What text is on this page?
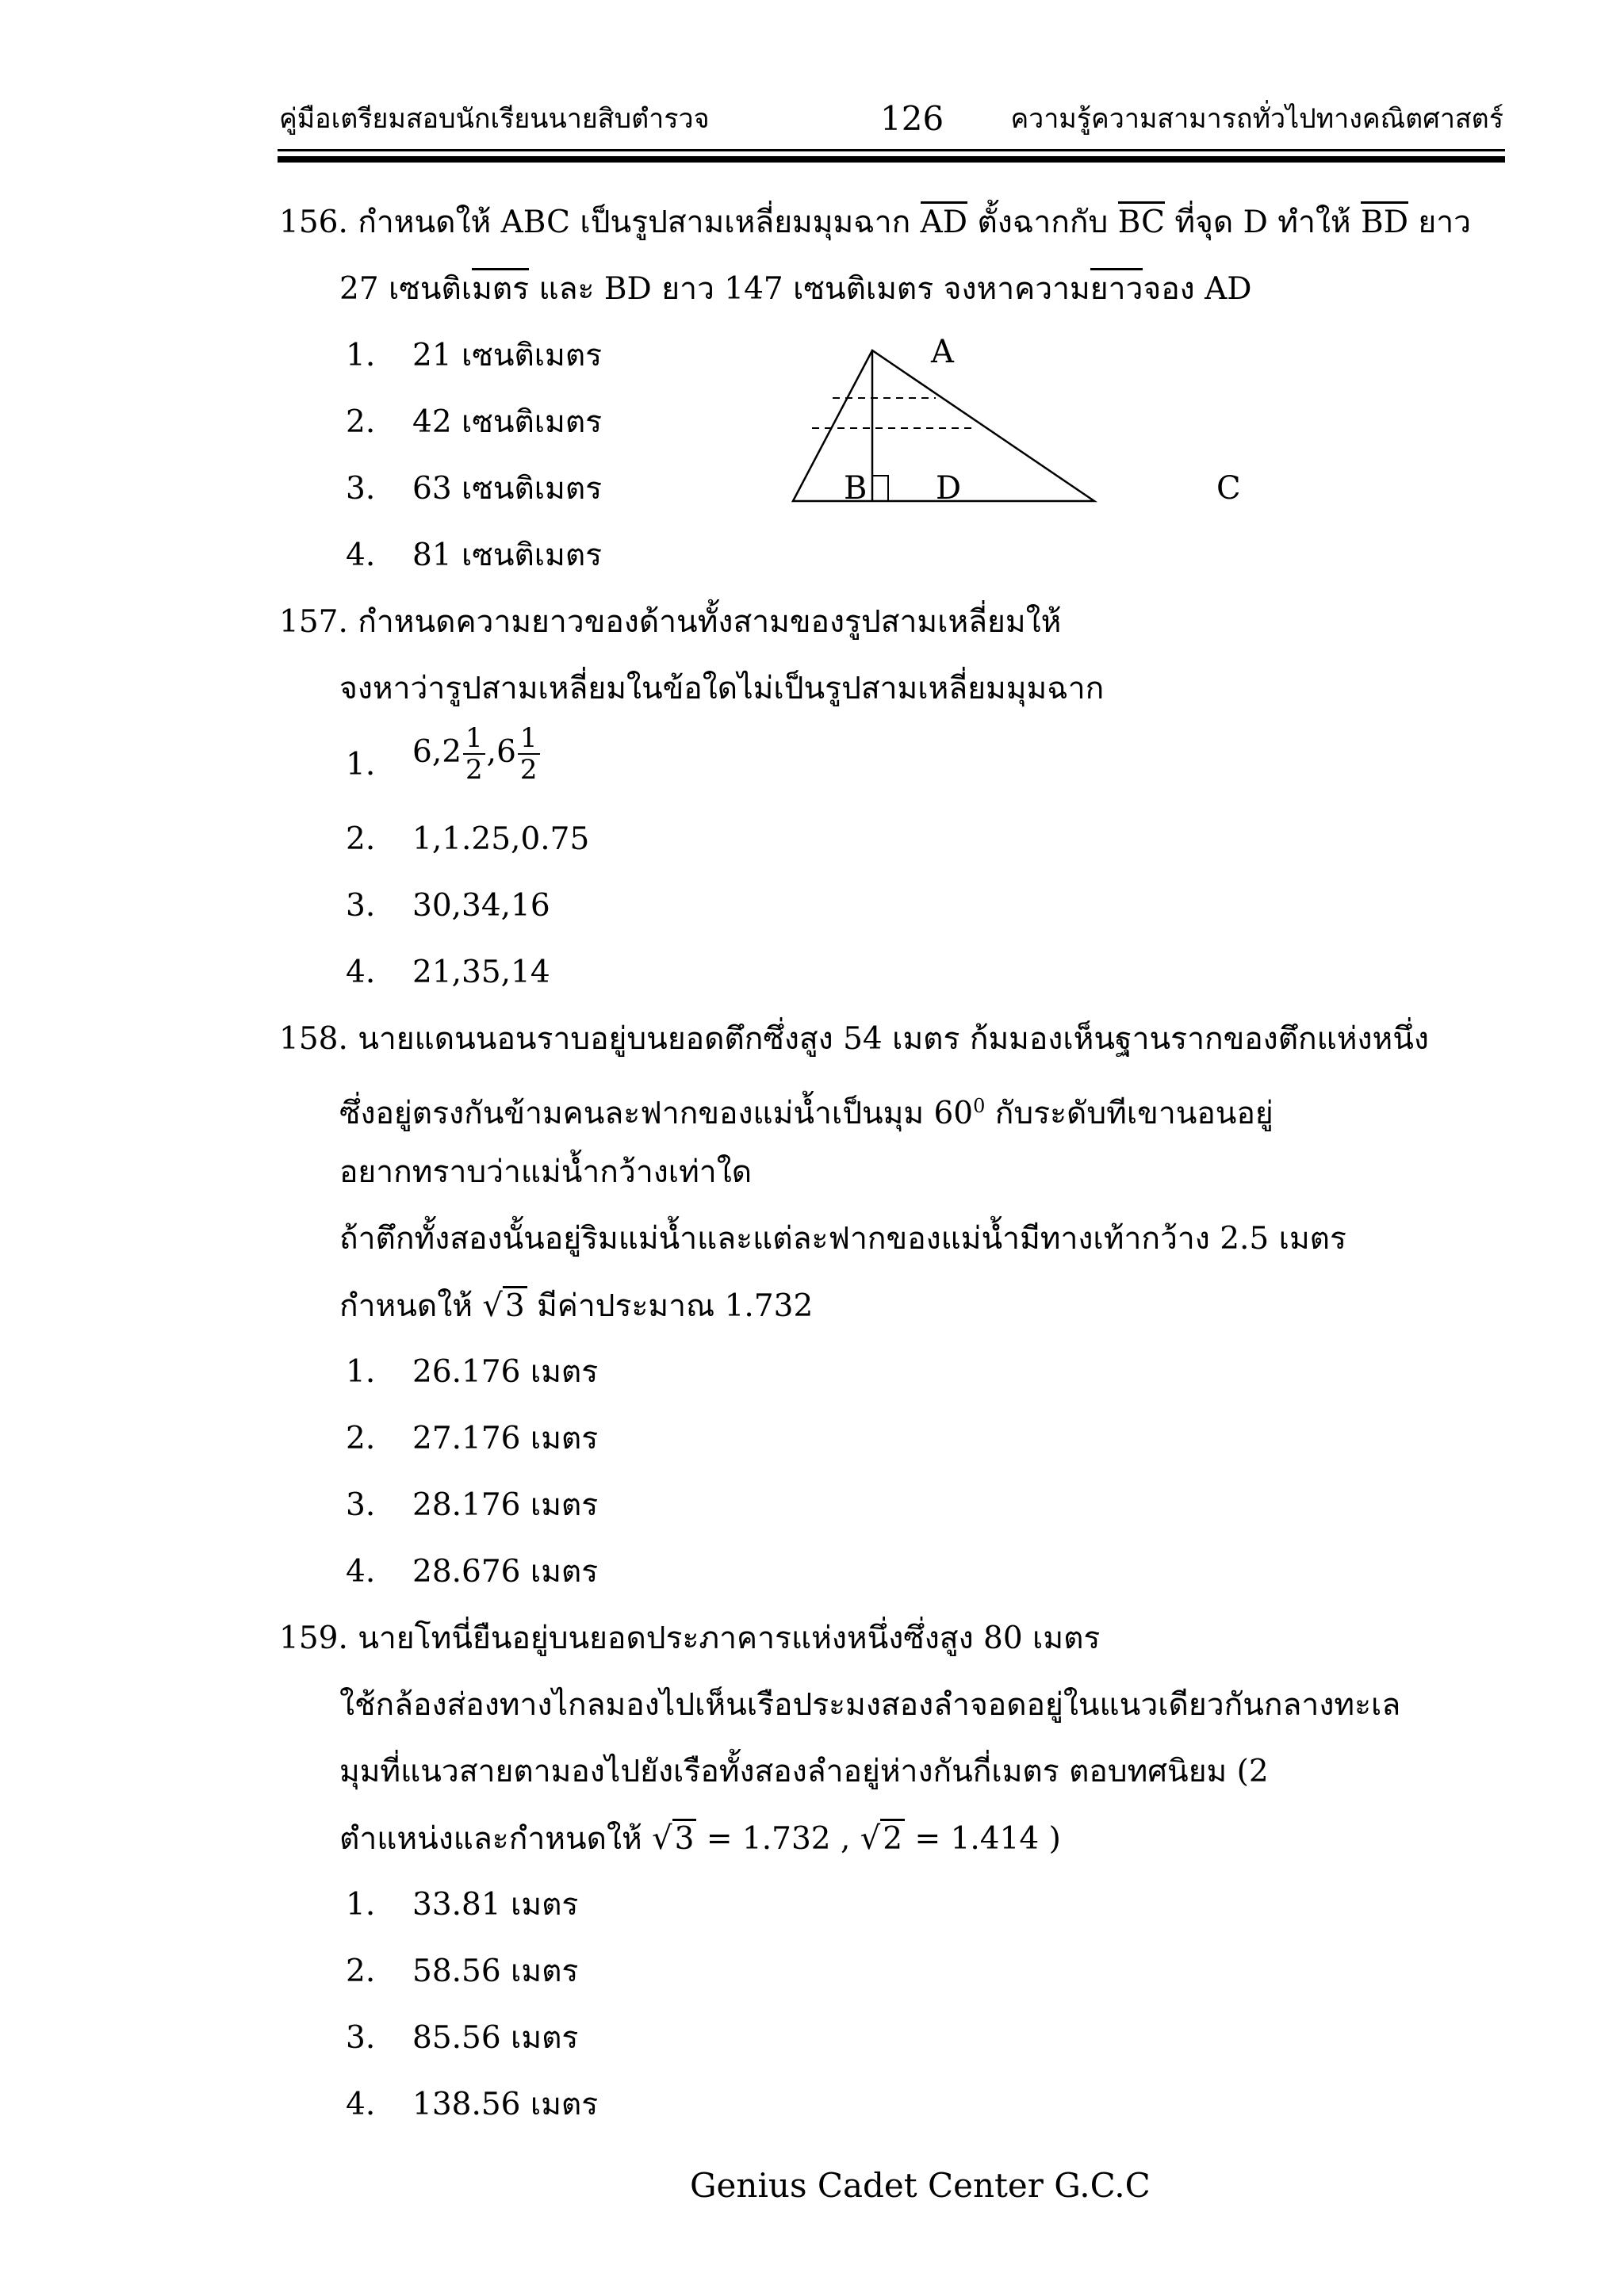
คู่มือเตรียมสอบนักเรียนนายสิบตำรวจ	126 ความรู้ความสามารถทั่วไปทางคณิตศาสตร์
156. กำหนดให้ ABC เป็นรูปสามเหลี่ยมมุมฉาก AD ตั้งฉากกับ BC ที่จุด D ทำให้ BD ยาว
27 เซนติเมตร และ BD ยาว 147 เซนติเมตร จงหาความยาวจอง AD
1. 21 เซนติเมตร
2. 42 เซนติเมตร
3. 63 เซนติเมตร
4. 81 เซนติเมตร
A
B D	C
157. กำหนดความยาวของด้านทั้งสามของรูปสามเหลี่ยมให้
จงหาว่ารูปสามเหลี่ยมในข้อใดไม่เป็นรูปสามเหลี่ยมมุมฉาก
1. $6,2 \frac{1}{2} ,6 \frac{1}{2}$
2. 1,1.25,0.75
3. 30,34,16
4. 21,35,14
158. นายแดนนอนราบอยู่บนยอดตึกซึ่งสูง 54 เมตร ก้มมองเห็นฐานรากของตึกแห่งหนึ่ง
ซึ่งอยู่ตรงกันข้ามคนละฟากของแม่น้ำเป็นมุม $60^0$ กับระดับทีเขานอนอยู่
อยากทราบว่าแม่น้ำกว้างเท่าใด
ถ้าตึกทั้งสองนั้นอยู่ริมแม่น้ำและแต่ละฟากของแม่น้ำมีทางเท้ากว้าง 2.5 เมตร
กำหนดให้ √3 มีค่าประมาณ 1.732
1. 26.176 เมตร
2. 27.176 เมตร
3. 28.176 เมตร
4. 28.676 เมตร
159. นายโทนี่ยืนอยู่บนยอดประภาคารแห่งหนึ่งซึ่งสูง 80 เมตร
ใช้กล้องส่องทางไกลมองไปเห็นเรือประมงสองลำจอดอยู่ในแนวเดียวกันกลางทะเล
มุมที่แนวสายตามองไปยังเรือทั้งสองลำอยู่ห่างกันกี่เมตร ตอบทศนิยม (2
ตำแหน่งและกำหนดให้ √3 = 1.732 , √2 = 1.414 )
1. 33.81 เมตร
2. 58.56 เมตร
3. 85.56 เมตร
4. 138.56 เมตร
Genius Cadet Center G.C.C
